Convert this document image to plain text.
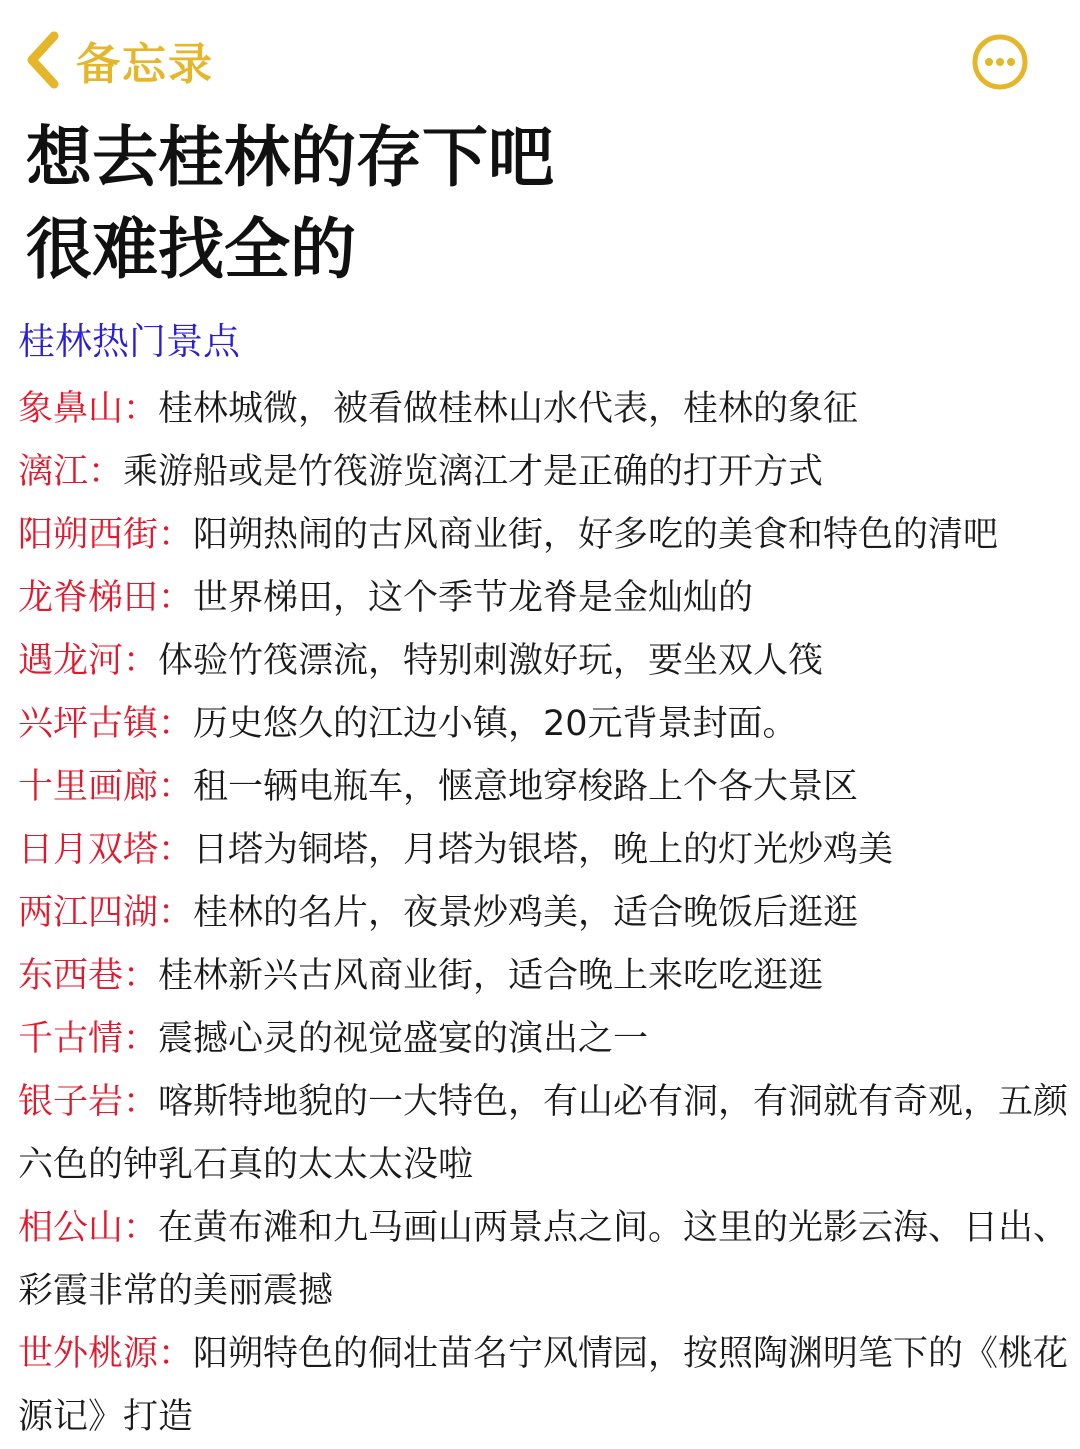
备忘录
想去桂林的存下吧
很难找全的
桂林热门景点
象鼻山：桂林城微，被看做桂林山水代表，桂林的象征
漓江：乘游船或是竹筏游览漓江才是正确的打开方式
阳朔西街：阳朔热闹的古风商业街，好多吃的美食和特色的清吧
龙脊梯田：世界梯田，这个季节龙脊是金灿灿的
遇龙河：体验竹筏漂流，特别刺激好玩，要坐双人筏
兴坪古镇：历史悠久的江边小镇，20元背景封面。
十里画廊：租一辆电瓶车，惬意地穿梭路上个各大景区
日月双塔：日塔为铜塔，月塔为银塔，晚上的灯光炒鸡美
两江四湖：桂林的名片，夜景炒鸡美，适合晚饭后逛逛
东西巷：桂林新兴古风商业街，适合晚上来吃吃逛逛
千古情：震撼心灵的视觉盛宴的演出之一
银子岩：喀斯特地貌的一大特色，有山必有洞，有洞就有奇观，五颜六色的钟乳石真的太太太没啦
相公山：在黄布滩和九马画山两景点之间。这里的光影云海、日出、彩霞非常的美丽震撼
世外桃源：阳朔特色的侗壮苗名宁风情园，按照陶渊明笔下的《桃花源记》打造
